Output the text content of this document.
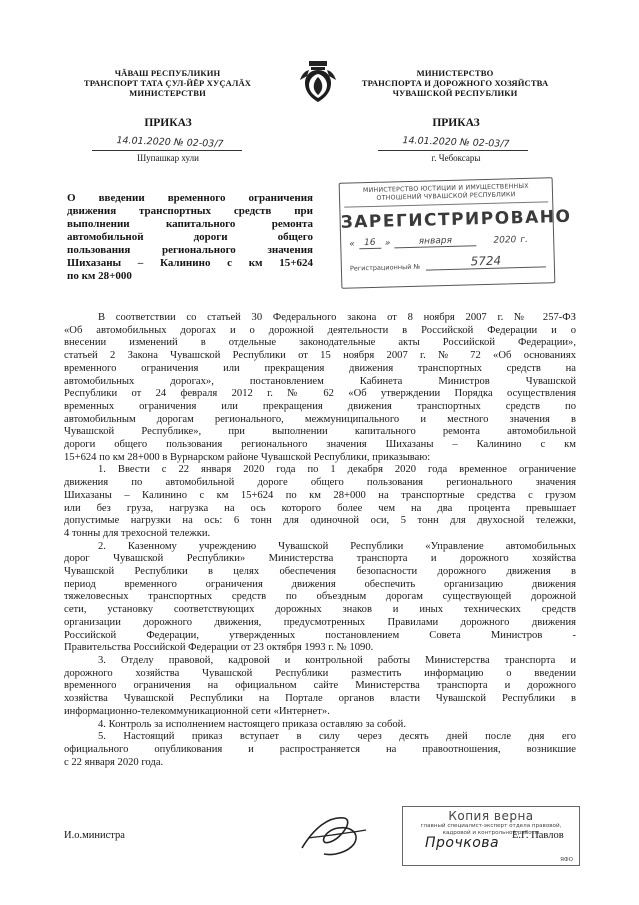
ЧĂВАШ РЕСПУБЛИКИН
ТРАНСПОРТ ТАТА ÇУЛ-ЙĔР ХУÇАЛĂХ
МИНИСТЕРСТВИ
МИНИСТЕРСТВО
ТРАНСПОРТА И ДОРОЖНОГО ХОЗЯЙСТВА
ЧУВАШСКОЙ РЕСПУБЛИКИ
ПРИКАЗ	ПРИКАЗ
14.01.2020 № 02-03/7	14.01.2020 № 02-03/7
Шупашкар хули	г. Чебоксары
О введении временного ограничения
движения транспортных средств при
выполнении капитального ремонта
автомобильной дороги общего
пользования регионального значения
Шихазаны – Калинино с км 15+624
по км 28+000
МИНИСТЕРСТВО ЮСТИЦИИ И ИМУЩЕСТВЕННЫХ
ОТНОШЕНИЙ ЧУВАШСКОЙ РЕСПУБЛИКИ
ЗАРЕГИСТРИРОВАНО
« 16	»	января	2020 г.
Регистрационный №	5724
В соответствии со статьей 30 Федерального закона от 8 ноября 2007 г. № 257-ФЗ
«Об автомобильных дорогах и о дорожной деятельности в Российской Федерации и о
внесении изменений в отдельные законодательные акты Российской Федерации»,
статьей 2 Закона Чувашской Республики от 15 ноября 2007 г. № 72 «Об основаниях
временного ограничения или прекращения движения транспортных средств на
автомобильных дорогах», постановлением Кабинета Министров Чувашской
Республики от 24 февраля 2012 г. № 62 «Об утверждении Порядка осуществления
временных ограничения или прекращения движения транспортных средств по
автомобильным дорогам регионального, межмуниципального и местного значения в
Чувашской Республике», при выполнении капитального ремонта автомобильной
дороги общего пользования регионального значения Шихазаны – Калинино с км
15+624 по км 28+000 в Вурнарском районе Чувашской Республики, приказываю:
1. Ввести с 22 января 2020 года по 1 декабря 2020 года временное ограничение
движения по автомобильной дороге общего пользования регионального значения
Шихазаны – Калинино с км 15+624 по км 28+000 на транспортные средства с грузом
или без груза, нагрузка на ось которого более чем на два процента превышает
допустимые нагрузки на ось: 6 тонн для одиночной оси, 5 тонн для двухосной тележки,
4 тонны для трехосной тележки.
2. Казенному учреждению Чувашской Республики «Управление автомобильных
дорог Чувашской Республики» Министерства транспорта и дорожного хозяйства
Чувашской Республики в целях обеспечения безопасности дорожного движения в
период временного ограничения движения обеспечить организацию движения
тяжеловесных транспортных средств по объездным дорогам существующей дорожной
сети, установку соответствующих дорожных знаков и иных технических средств
организации дорожного движения, предусмотренных Правилами дорожного движения
Российской Федерации, утвержденных постановлением Совета Министров -
Правительства Российской Федерации от 23 октября 1993 г. № 1090.
3. Отделу правовой, кадровой и контрольной работы Министерства транспорта и
дорожного хозяйства Чувашской Республики разместить информацию о введении
временного ограничения на официальном сайте Министерства транспорта и дорожного
хозяйства Чувашской Республики на Портале органов власти Чувашской Республики в
информационно-телекоммуникационной сети «Интернет».
4. Контроль за исполнением настоящего приказа оставляю за собой.
5. Настоящий приказ вступает в силу через десять дней после дня его
официального опубликования и распространяется на правоотношения, возникшие
с 22 января 2020 года.
И.о.министра	Е.Г. Павлов
Копия верна
главный специалист-эксперт отдела правовой,
кадровой и контрольной работы
Прочкова
ЯФО
